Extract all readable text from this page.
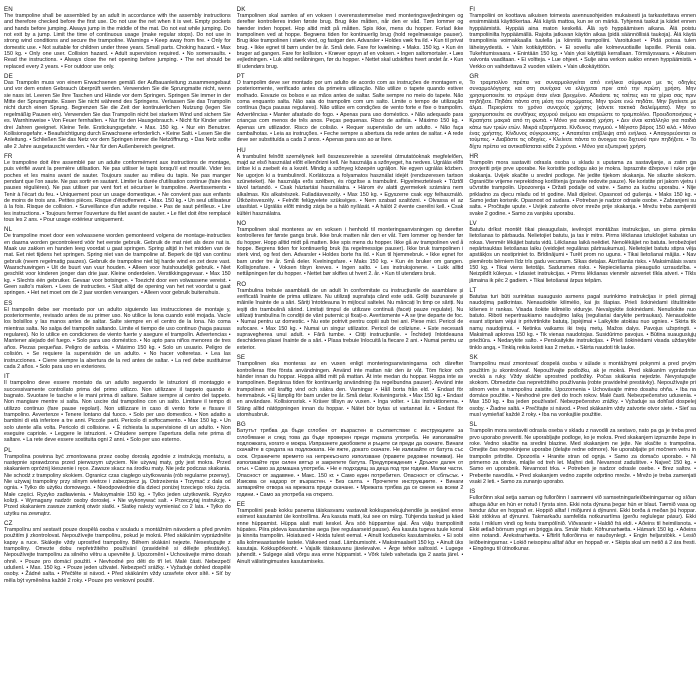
EN

The trampoline shall be assembled by an adult in accordance with the assembly instructions and therefore checked before the first use. Do not use the net when it is wet. Empty pockets and hands before jumping. Always jump in the middle of the mat. Do not eat while jumping. Do not exit by a jump. Limit the time of continuous usage (make regular stops). Do not use in strong wind conditions and secure the trampoline. Warnings • Keep away from fire. • Only for domestic use. • Not suitable for children under three years. Small parts. Choking hazard. • Max 150 kg. • Only one user. Collision hazard. • Adult supervision required. • No somersaults. • Read the instructions. • Always close the net opening before jumping. • The net should be replaced every 2 years. • For outdoor use only.

DE

Das Trampolin muss von einem Erwachsenen gemäß der Aufbauanleitung zusammengebaut und vor dem ersten Gebrauch überprüft werden. Verwenden Sie die Sprungmatte nicht, wenn sie nass ist. Leeren Sie Ihre Taschen und Hände vor dem Springen. Springen Sie immer in der Mitte der Sprungmatte. Essen Sie nicht während des Springens. Verlassen Sie das Trampolin nicht durch einen Sprung. Begrenzen Sie die Zeit der kontinuierlichen Nutzung (legen Sie regelmäßig Pausen ein). Verwenden Sie das Trampolin nicht bei starkem Wind und sichern Sie es. Warnhinweise • Von Feuer fernhalten. • Nur für den Hausgebrauch. • Nicht für Kinder unter drei Jahren geeignet. Kleine Teile. Erstickungsgefahr. • Max. 150 kg. • Nur ein Benutzer. Kollisionsgefahr. • Beaufsichtigung durch Erwachsene erforderlich. • Keine Salti. • Lesen Sie die Anleitung. • Schließen Sie das Netz vor dem Springen immer die Netzöffnung. • Das Netz sollte alle 2 Jahre ausgetauscht werden. • Nur für den Außenbereich geeignet.

FR

Le trampoline doit être assemblé par un adulte conformément aux instructions de montage, puis vérifié avant la première utilisation. Ne pas utiliser le tapis lorsqu'il est mouillé. Vider les poches et les mains avant de sauter. Toujours sauter au milieu du tapis. Ne pas manger pendant que l'on saute. Ne pas sortir en sautant. Limiter la durée d'utilisation continue (faire des pauses régulières). Ne pas utiliser par vent fort et sécuriser le trampoline. Avertissements • Tenir à l'écart du feu. • Uniquement pour un usage domestique. • Ne convient pas aux enfants de moins de trois ans. Petites pièces. Risque d'étouffement. • Max. 150 kg. • Un seul utilisateur à la fois. Risque de collision. • Surveillance d'un adulte requise. • Pas de saut périlleux. • Lire les instructions. • Toujours fermer l'ouverture du filet avant de sauter. • Le filet doit être remplacé tous les 2 ans. • Pour usage extérieur uniquement.

NL

De trampoline moet door een volwassene worden gemonteerd volgens de montage-instructies en daarna worden gecontroleerd vóór het eerste gebruik. Gebruik de mat niet als deze nat is. Maak uw zakken en handen leeg voordat u gaat springen. Spring altijd in het midden van de mat. Eet niet tijdens het springen. Spring niet van de trampoline af. Beperk de tijd van continu gebruik (neem regelmatig pauzes). Gebruik de trampoline niet bij harde wind en zet deze vast. Waarschuwingen • Uit de buurt van vuur houden. • Alleen voor huishoudelijk gebruik. • Niet geschikt voor kinderen jonger dan drie jaar. Kleine onderdelen. Verstikkingsgevaar. • Max 150 kg. • Slechts één gebruiker. Gevaar voor botsingen. • Toezicht door een volwassene vereist. • Geen salto's maken. • Lees de instructies. • Sluit altijd de opening van het net voordat u gaat springen. • Het net moet om de 2 jaar worden vervangen. • Alleen voor gebruik buitenshuis.

ES

El trampolín debe ser montado por un adulto siguiendo las instrucciones de montaje y, posteriormente, revisado antes de su primer uso. No utilice la lona cuando esté mojada. Vacíe los bolsillos y las manos antes de saltar. Salte siempre en el centro de la lona. No coma mientras salta. No salga del trampolín saltando. Limite el tiempo de uso continuo (haga pausas regulares). No lo utilice en condiciones de viento fuerte y asegure el trampolín. Advertencias • Mantener alejado del fuego. • Solo para uso doméstico. • No apto para niños menores de tres años. Piezas pequeñas. Peligro de asfixia. • Máximo 150 kg. • Solo un usuario. Peligro de colisión. • Se requiere la supervisión de un adulto. • No hacer volteretas. • Lea las instrucciones. • Cierre siempre la abertura de la red antes de saltar. • La red debe sustituirse cada 2 años. • Solo para uso en exteriores.

IT

Il trampolino deve essere montato da un adulto seguendo le istruzioni di montaggio e successivamente controllato prima del primo utilizzo. Non utilizzare il tappeto quando è bagnato. Svuotare le tasche e le mani prima di saltare. Saltare sempre al centro del tappeto. Non mangiare mentre si salta. Non uscire dal trampolino con un salto. Limitare il tempo di utilizzo continuo (fare pause regolari). Non utilizzare in caso di vento forte e fissare il trampolino. Avvertenze • Tenere lontano dal fuoco. • Solo per uso domestico. • Non adatto a bambini di età inferiore a tre anni. Piccole parti. Pericolo di soffocamento. • Max 150 kg. • Un solo utente alla volta. Pericolo di collisione. • È richiesta la supervisione di un adulto. • Non eseguire capriole. • Leggere le istruzioni. • Chiudere sempre l'apertura della rete prima di saltare. • La rete deve essere sostituita ogni 2 anni. • Solo per uso esterno.

PL

Trampolina powinna być zmontowana przez osobę dorosłą zgodnie z instrukcją montażu, a następnie sprawdzona przed pierwszym użyciem. Nie używaj maty, gdy jest mokra. Przed skakaniem opróżnij kieszenie i ręce. Zawsze skacz na środku maty. Nie jedz podczas skakania. Nie schodź z trampoliny skokiem. Ogranicz czas ciągłego użytkowania (rób regularne przerwy). Nie używaj trampoliny przy silnym wietrze i zabezpiecz ją. Ostrzeżenia • Trzymać z dala od ognia. • Tylko do użytku domowego. • Nieodpowiednie dla dzieci poniżej trzeciego roku życia. Małe części. Ryzyko zadławienia. • Maksymalnie 150 kg. • Tylko jeden użytkownik. Ryzyko kolizji. • Wymagany nadzór osoby dorosłej. • Nie wykonywać salt. • Przeczytaj instrukcję. • Przed skakaniem zawsze zamknij otwór siatki. • Siatkę należy wymieniać co 2 lata. • Tylko do użytku na zewnątrz.

CZ

Trampolínu smí sestavit pouze dospělá osoba v souladu s montážním návodem a před prvním použitím ji zkontrolovat. Nepoužívejte trampolínu, pokud je mokrá. Před skákáním vyprázdněte kapsy a ruce. Skákejte vždy uprostřed trampolíny. Během skákání nejezte. Nesestupujte z trampolíny. Omezte dobu nepřetržitého používání (pravidelně si dělejte přestávky). Nepoužívejte trampolínu za silného větru a upevněte ji. Upozornění • Uchovávejte mimo dosah ohně. • Pouze pro domácí použití. • Nevhodné pro děti do tří let. Malé části. Nebezpečí udušení. • Max. 150 kg. • Pouze jeden uživatel. Nebezpečí srážky. • Vyžaduje dohled dospělé osoby. • Žádné salta. • Přečtěte si návod. • Před skákáním vždy uzavřete otvor sítě. • Síť by měla být vyměněna každé 2 roky. • Pouze pro venkovní použití.

DK

Trampolinen skal samles af en voksen i overensstemmelse med monteringsvejledningen og derefter kontrolleres inden første brug. Brug ikke måtten, når den er våd. Tøm lommer og hænder inden hoppet. Hop altid midt på måtten. Spis ikke, mens du hopper. Forlad ikke trampolinen ved at hoppe. Begræns tiden for kontinuerlig brug (hold regelmæssige pauser). Brug ikke trampolinen i stærk vind, og fastgør den. Advarsler • Holdes væk fra ild. • Kun til privat brug. • Ikke egnet til børn under tre år. Små dele. Fare for kvælning. • Maks. 150 kg. • Kun én bruger ad gangen. Fare for kollision. • Kræver opsyn af en voksen. • Ingen saltomortaler. • Læs vejledningen. • Luk altid netåbningen, før du hopper. • Nettet skal udskiftes hvert andet år. • Kun til udendørs brug.

PT

O trampolim deve ser montado por um adulto de acordo com as instruções de montagem e, posteriormente, verificado antes da primeira utilização. Não utilize o tapete quando estiver molhado. Esvazie os bolsos e as mãos antes de saltar. Salte sempre no meio do tapete. Não coma enquanto salta. Não saia do trampolim com um salto. Limite o tempo de utilização contínua (faça pausas regulares). Não utilize em condições de vento forte e fixe o trampolim. Advertências • Manter afastado do fogo. • Apenas para uso doméstico. • Não adequado para crianças com menos de três anos. Peças pequenas. Risco de asfixia. • Máximo 150 kg. • Apenas um utilizador. Risco de colisão. • Requer supervisão de um adulto. • Não faça cambalhotas. • Leia as instruções. • Feche sempre a abertura da rede antes de saltar. • A rede deve ser substituída a cada 2 anos. • Apenas para uso ao ar livre.

HU

A trambulint felnőtt személynek kell összeszerelnie a szerelési útmutatóoknak megfelelően, majd az első használat előtt ellenőrizni kell. Ne használja a szőnyeget, ha nedves. Ugrálás előtt ürítse ki a zsebeit és a kezét. Mindig a szőnyeg közepén ugráljon. Ne egyen ugrálás közben. Ne ugorjon ki a trambulinról. Korlátozza a folyamatos használat idejét (rendszeresen tartson szüneteket). Ne használja erős szélben, és rögzítse a trambulint. Figyelmeztetések • Tűztől távol tartandó. • Csak háztartási használatra. • Három év alatti gyermekek számára nem alkalmas. Kis alkatrészek. Fulladásveszély. • Max 150 kg. • Egyszerre csak egy felhasználó. Ütközésveszély. • Felnőtt felügyelete szükséges. • Nem szabad szaltózni. • Olvassa el az utasítást. • Ugrálás előtt mindig zárja be a háló nyílását. • A hálót 2 évente cserélni kell. • Csak kültéri használatra.

NO

Trampolinen skal monteres av en voksen i henhold til monteringsanvisningen og deretter kontrolleres før første gangs bruk. Ikke bruk matten når den er våt. Tøm lommer og hender før du hopper. Hopp alltid midt på matten. Ikke spis mens du hopper. Ikke gå av trampolinen ved å hoppe. Begrens tiden for kontinuerlig bruk (ta regelmessige pauser). Ikke bruk trampolinen i sterk vind, og fest den. Advarsler • Holdes borte fra ild. • Kun til hjemmebruk. • Ikke egnet for barn under tre år. Små deler. Kvelningsfare. • Maks 150 kg. • Kun én bruker om gangen. Kollisjonsfare. • Voksen tilsyn kreves. • Ingen salto. • Les instruksjonene. • Lukk alltid nettåpningen før du hopper. • Nettet bør skiftes ut hvert 2. år. • Kun til utendørs bruk.

RO

Trambulina trebuie asamblată de un adult în conformitate cu instrucțiunile de asamblare și verificată înainte de prima utilizare. Nu utilizați suprafața când este udă. Goliți buzunarele și mâinile înainte de a sări. Săriți întotdeauna în mijlocul saltelei. Nu mâncați în timp ce săriți. Nu ieșiți din trambulină sărind. Limitați timpul de utilizare continuă (faceți pauze regulate). Nu utilizați trambulina în condiții de vânt puternic și fixați-o. Avertismente • A se ține departe de foc. • Numai pentru uz domestic. • Nu este potrivit pentru copiii sub trei ani. Piese mici. Pericol de sufocare. • Max 150 kg. • Numai un singur utilizator. Pericol de coliziune. • Este necesară supravegherea unui adult. • Fără tumbe. • Citiți instrucțiunile. • Închideți întotdeauna deschiderea plasei înainte de a sări. • Plasa trebuie înlocuită la fiecare 2 ani. • Numai pentru uz exterior.

SE

Trampolinen ska monteras av en vuxen enligt monteringsanvisningarna och därefter kontrolleras före första användningen. Använd inte mattan när den är våt. Töm fickor och händer innan du hoppar. Hoppa alltid mitt på mattan. Ät inte medan du hoppar. Hoppa inte av trampolinen. Begränsa tiden för kontinuerlig användning (ta regelbundna pauser). Använd inte trampolinen vid kraftig vind och säkra den. Varningar • Håll borta från eld. • Endast för hemmabruk. • Ej lämplig för barn under tre år. Små delar. Kvävningsrisk. • Max 150 kg. • Endast en användare. Kollisionsrisk. • Kräver tillsyn av vuxen. • Inga volter. • Läs instruktionerna. • Stäng alltid nätöppningen innan du hoppar. • Nätet bör bytas ut vartannat år. • Endast för utomhusbruk.

BG

Батутът трябва да бъде сглобен от възрастен в съответствие с инструкциите за сглобяване и след това да бъде проверен преди първата употреба. Не използвайте подложката, когато е мокра. Изпразнете джобовете и ръцете си преди да скачате. Винаги скачайте в средата на подложката. Не яжте, докато скачате. Не излизайте от батута със скок. Ограничете времето на непрекъснато използване (правете редовни почивки). Не използвайте при силен вятър и закрепете батута. Предупреждения • Дръжте далеч от огън. • Само за домашна употреба. • Не е подходящ за деца под три години. Малки части. Опасност от задавяне. • Макс. 150 кг. • Само един потребител. Опасност от сблъсък. • Изисква се надзор от възрастен. • Без салта. • Прочетете инструкциите. • Винаги затваряйте отвора на мрежата преди скачане. • Мрежата трябва да се сменя на всеки 2 години. • Само за употреба на открито.

EE

Trampoliini peab kokku panema täiskasvanu vastavalt kokkupanekujuhendile ja seejärel enne esimest kasutamist üle kontrollima. Ära kasuta matti, kui see on märg. Tühjenda taskud ja käed enne hüppamist. Hüppa alati mati keskel. Ära söö hüppamise ajal. Ära välju trampoliinilt hüpates. Piira pideva kasutamise aega (tee regulaarseid pause). Ära kasuta tugeva tuule korral ja kinnita trampoliin. Hoiatused • Hoida tulest eemal. • Ainult koduseks kasutamiseks. • Ei sobi alla kolmeaastastele lastele. Väikesed osad. Lämbumisoht. • Maksimaalselt 150 kg. • Ainult üks kasutaja. Kokkupõrkeoht. • Vajalik täiskasvanu järelevalve. • Ärge tehke saltosid. • Lugege juhendit. • Sulgege alati võrgu ava enne hüppamist. • Võrk tuleb vahetada iga 2 aasta järel. • Ainult välistingimustes kasutamiseks.

FI

Trampoliini on koottava aikuisen toimesta asennusohjeiden mukaisesti ja tarkastettava ennen ensimmäistä käyttökertaa. Älä käytä mattoa, kun se on märkä. Tyhjennä taskut ja kädet ennen hyppäämistä. Hyppää aina maton keskellä. Älä syö hyppäämisen aikana. Älä poistu trampoliinilta hyppäämällä. Rajoita jatkuvan käytön aikaa (pidä säännöllisiä taukoja). Älä käytä trampoliinia voimakkaalla tuulella ja kiinnitä trampoliini. Varoitukset • Pidä poissa tulen läheisyydestä. • Vain kotikäyttöön. • Ei sovellu alle kolmevuotiaille lapsille. Pieniä osia. Tukehtumisvaara. • Enintään 150 kg. • Vain yksi käyttäjä kerrallaan. Törmäysvaara. • Aikuisen valvonta vaaditaan. • Ei voltteja. • Lue ohjeet. • Sulje aina verkon aukko ennen hyppäämistä. • Verkko on vaihdettava 2 vuoden välein. • Vain ulkokäyttöön.

GR

Το τραμπολίνο πρέπει να συναρμολογείται από ενήλικα σύμφωνα με τις οδηγίες συναρμολόγησης και στη συνέχεια να ελέγχεται πριν από την πρώτη χρήση. Μην χρησιμοποιείτε το στρώμα όταν είναι βρεγμένο. Αδειάστε τις τσέπες και τα χέρια σας πριν πηδήξετε. Πηδάτε πάντα στη μέση του στρώματος. Μην τρώτε ενώ πηδάτε. Μην βγαίνετε με άλμα. Περιορίστε το χρόνο συνεχούς χρήσης (κάνετε τακτικά διαλείμματα). Μην το χρησιμοποιείτε σε συνθήκες ισχυρού ανέμου και στερεώστε το τραμπολίνο. Προειδοποιήσεις • Κρατήστε μακριά από τη φωτιά. • Μόνο για οικιακή χρήση. • Δεν είναι κατάλληλο για παιδιά κάτω των τριών ετών. Μικρά εξαρτήματα. Κίνδυνος πνιγμού. • Μέγιστο βάρος 150 κιλά. • Μόνο ένας χρήστης. Κίνδυνος σύγκρουσης. • Απαιτείται επίβλεψη από ενήλικα. • Απαγορεύονται οι τούμπες. • Διαβάστε τις οδηγίες. • Κλείνετε πάντα το άνοιγμα του διχτυού πριν πηδήξετε. • Το δίχτυ πρέπει να αντικαθίσταται κάθε 2 χρόνια. • Μόνο για εξωτερική χρήση.

HR

Trampolin mora sastaviti odrasla osoba u skladu s uputama za sastavljanje, a zatim ga provjeriti prije prve uporabe. Ne koristite podlogu ako je mokra. Ispraznite džepove i ruke prije skakanja. Uvijek skačite u sredini podloge. Ne jedite tijekom skakanja. Ne silazite skokom. Ograničite vrijeme neprekidnog korištenja (pravite redovite pauze). Ne koristite pri jakom vjetru i učvrstite trampolin. Upozorenja • Držati podalje od vatre. • Samo za kućnu uporabu. • Nije prikladno za djecu mlađu od tri godine. Mali dijelovi. Opasnost od gušenja. • Maks 150 kg. • Samo jedan korisnik. Opasnost od sudara. • Potreban je nadzor odrasle osobe. • Zabranjeni su salta. • Pročitajte upute. • Uvijek zatvorite otvor mreže prije skakanja. • Mrežu treba zamijeniti svake 2 godine. • Samo za vanjsku uporabu.

LV

Batutu drīkst montēt tikai pieaugušais, ievērojot montāžas instrukcijas, un pirms pirmās lietošanas to pārbauda. Nelietojiet batutu, ja tas ir mitrs. Pirms lēkšanas iztukšojiet kabatas un rokas. Vienmēr lēkājiet batuta vidū. Lēkšanas laikā neēdiet. Nenolēkājiet no batuta. Ierobežojiet nepārtrauktas lietošanas laiku (veidojiet regulāras pārtraukumus). Nelietojiet batutu stipra vēja apstākļos un nostipriniet to. Brīdinājumi • Turēt prom no uguns. • Tikai lietošanai mājās. • Nav piemērots bērniem līdz trīs gadu vecumam. Sīkas detaļas. Aizrīšanās risks. • Maksimālais svars 150 kg. • Tikai viens lietotājs. Sadursmes risks. • Nepieciešama pieaugušo uzraudzība. • Neizpildīt kūleņus. • Izlasiet instrukcijas. • Pirms lēkšanas vienmēr aizveriet tīkla atveri. • Tīkls jāmaina ik pēc 2 gadiem. • Tikai lietošanai ārpus telpām.

LT

Batutas turi būti surinktas suaugusio asmens pagal surinkimo instrukcijas ir prieš pirmąjį naudojimą patikrintas. Nenaudokite kilimėlio, kai jis šlapias. Prieš šokinėdami ištuštinkite kišenes ir rankas. Visada šokite kilimėlio viduryje. Nevalgykite šokinėdami. Nenušokite nuo batuto. Riboti nepertraukiamo naudojimo laiką (reguliariai darykite pertraukas). Nenaudokite esant stipriam vėjui ir pritvirtinkite batutą. Įspėjimai • Laikykite atokiau nuo ugnies. • Skirta tik namų naudojimui. • Netinka vaikams iki trejų metų. Mažos dalys. Pavojus užspringti. • Maksimali apkrova 150 kg. • Tik vienas naudotojas. Susidūrimo pavojus. • Būtina suaugusiųjų priežiūra. • Nedarykite salto. • Perskaitykite instrukcijas. • Prieš šokinėdami visada uždarykite tinklo angą. • Tinklą reikia keisti kas 2 metus. • Skirta naudoti tik lauke.

SK

Trampolínu musí zmontovať dospelá osoba v súlade s montážnymi pokynmi a pred prvým použitím ju skontrolovať. Nepoužívajte podložku, ak je mokrá. Pred skákaním vyprázdnite vrecká a ruky. Vždy skáčte uprostred podložky. Počas skákania nejedzte. Nevystupujte skokom. Obmedzte čas nepretržitého používania (robte pravidelné prestávky). Nepoužívajte pri silnom vetre a trampolínu zaistite. Upozornenia • Uchovávajte mimo dosahu ohňa. • Iba na domáce použitie. • Nevhodné pre deti do troch rokov. Malé časti. Nebezpečenstvo udusenia. • Max 150 kg. • Iba jeden používateľ. Nebezpečenstvo zrážky. • Vyžaduje sa dohľad dospelej osoby. • Žiadne saltá. • Prečítajte si návod. • Pred skákaním vždy zatvorte otvor siete. • Sieť sa musí vymieňať každé 2 roky. • Iba na vonkajšie použitie.

SL

Trampolin mora sestaviti odrasla oseba v skladu z navodili za sestavo, nato pa ga je treba pred prvo uporabo preveriti. Ne uporabljajte podloge, ko je mokra. Pred skakanjem izpraznite žepe in roke. Vedno skačite na sredini blazine. Med skakanjem ne jejte. Ne skačite s trampolina. Omejite čas neprekinjene uporabe (delajte redne odmore). Ne uporabljajte pri močnem vetru in trampolin pritrdite. Opozorila • Hranite stran od ognja. • Samo za domačo uporabo. • Ni primerno za otroke, mlajše od treh let. Majhni deli. Nevarnost zadušitve. • Največ 150 kg. • Samo en uporabnik. Nevarnost trka. • Potreben je nadzor odrasle osebe. • Brez saltov. • Preberite navodila. • Pred skakanjem vedno zaprite odprtino mreže. • Mrežo je treba zamenjati vsaki 2 leti. • Samo za zunanjo uporabo.

IS

Fullorðinn skal setja saman og fullorðinn í samræmi við samsetningarleiðbeiningarnar og síðan athuga áður en hún er notuð í fyrsta sinn. Ekki nota dýnuna þegar hún er blaut. Tæmið vasa og hendur áður en hoppað er. Hoppið alltaf í miðjunni á dýnunni. Ekki borða á meðan þú hoppar. Ekki stökkva af dýnunni. Takmarkaðu samfellda notkunartíma (gerðu reglulegar pásur). Ekki nota í miklum vindi og festu trampólínið. Viðvaranir • Haldið frá eldi. • Aðeins til heimilisnota. • Ekki ætlað börnum yngri en þriggja ára. Smáir hlutir. Köfnunarhætta. • Hámark 150 kg. • Aðeins einn notandi. Árekstrarhætta. • Eftirlit fullorðinna er nauðsynlegt. • Engin heljarstökk. • Lesið leiðbeiningarnar. • Lokið neisopinu alltaf áður en hoppað er. • Skipta skal um netið á 2 ára fresti. • Eingöngu til útinotkunar.
